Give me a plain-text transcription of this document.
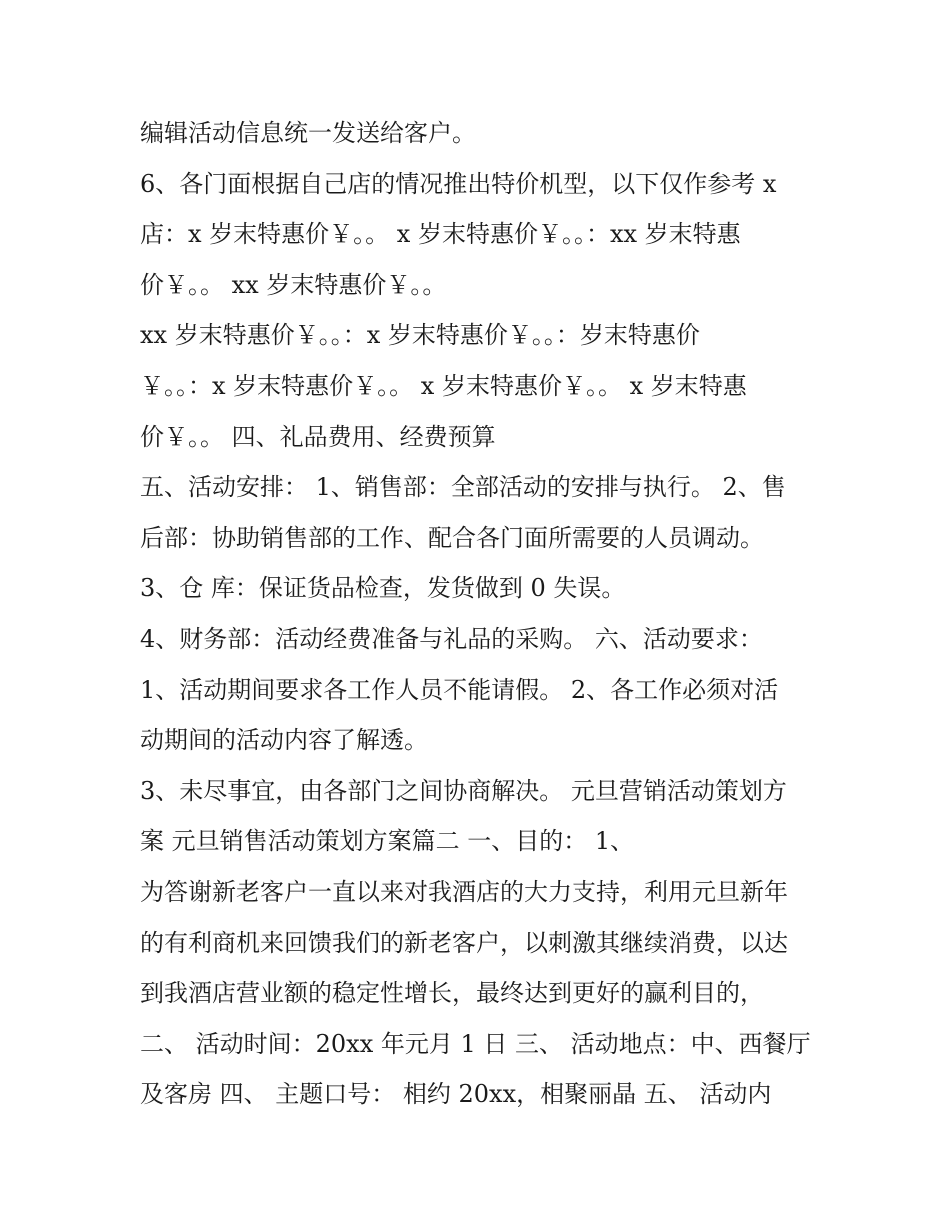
编辑活动信息统一发送给客户。
6、各门面根据自己店的情况推出特价机型，以下仅作参考 x
店：x 岁末特惠价￥。。 x 岁末特惠价￥。。：xx 岁末特惠
价￥。。 xx 岁末特惠价￥。。
xx 岁末特惠价￥。。：x 岁末特惠价￥。。：岁末特惠价
￥。。：x 岁末特惠价￥。。 x 岁末特惠价￥。。 x 岁末特惠
价￥。。 四、礼品费用、经费预算
五、活动安排： 1、销售部：全部活动的安排与执行。 2、售
后部：协助销售部的工作、配合各门面所需要的人员调动。
3、仓 库：保证货品检查，发货做到 0 失误。
4、财务部：活动经费准备与礼品的采购。 六、活动要求：
1、活动期间要求各工作人员不能请假。 2、各工作必须对活
动期间的活动内容了解透。
3、未尽事宜，由各部门之间协商解决。 元旦营销活动策划方
案 元旦销售活动策划方案篇二 一、目的： 1、
为答谢新老客户一直以来对我酒店的大力支持，利用元旦新年
的有利商机来回馈我们的新老客户，以刺激其继续消费，以达
到我酒店营业额的稳定性增长，最终达到更好的赢利目的，
二、 活动时间：20xx 年元月 1 日 三、 活动地点：中、西餐厅
及客房 四、 主题口号： 相约 20xx，相聚丽晶 五、 活动内
